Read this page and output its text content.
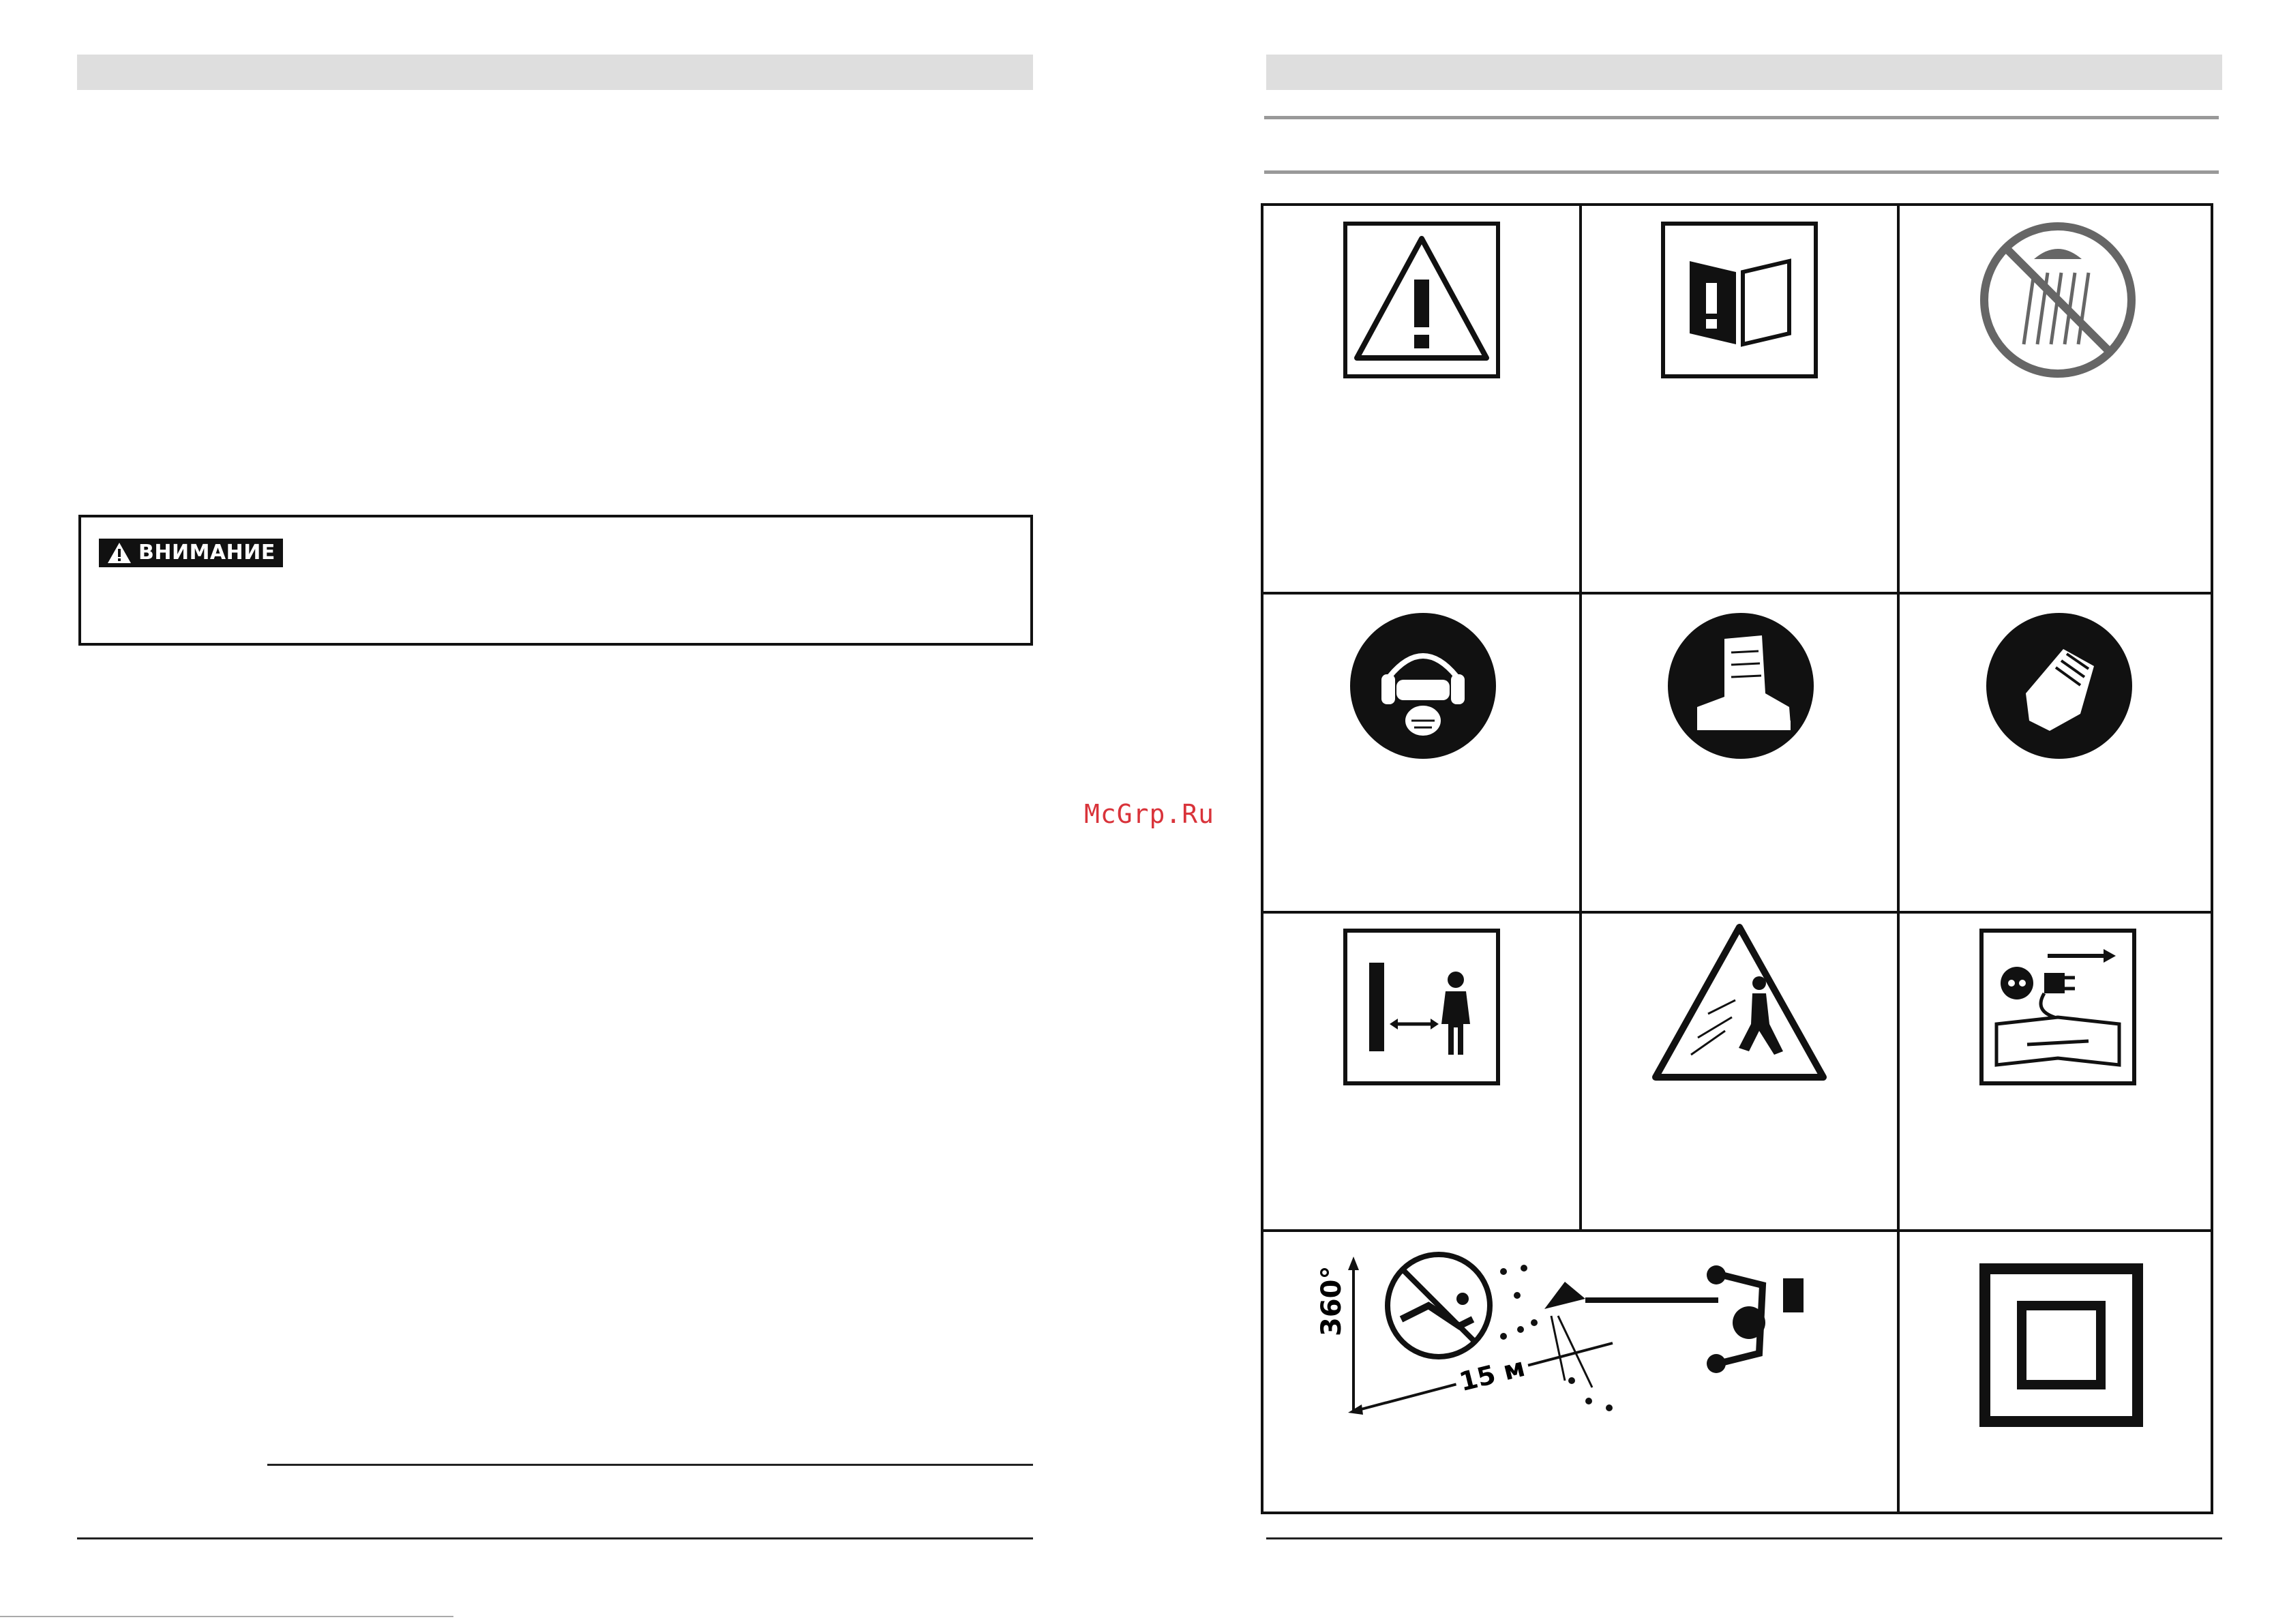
ВНИМАНИЕ
McGrp.Ru
360°
15 м
